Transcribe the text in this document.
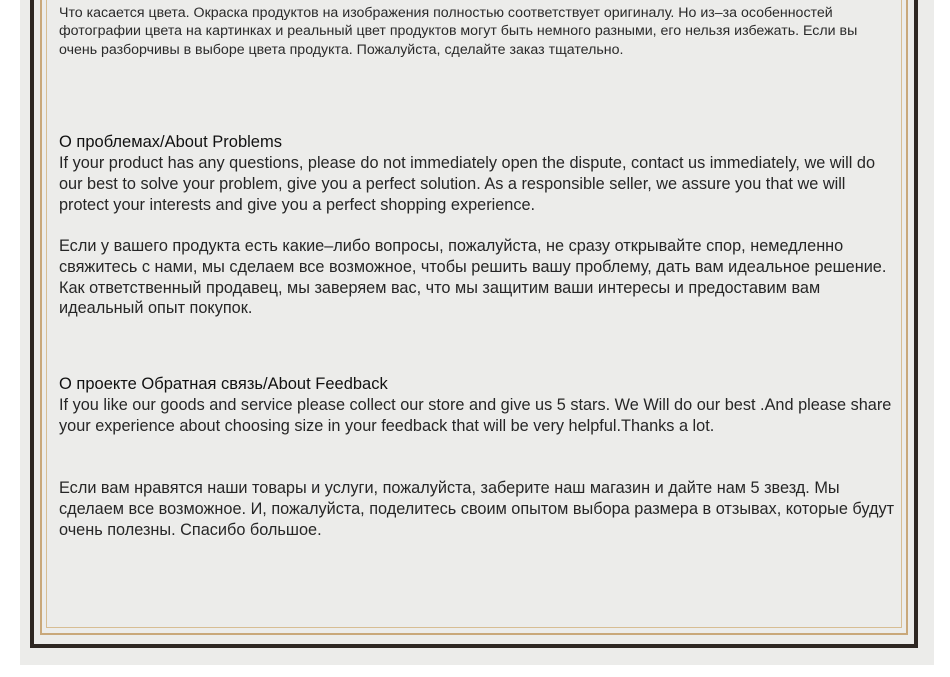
Что касается цвета. Окраска продуктов на изображения полностью соответствует оригиналу. Но из–за особенностей фотографии цвета на картинках и реальный цвет продуктов могут быть немного разными, его нельзя избежать. Если вы очень разборчивы в выборе цвета продукта. Пожалуйста, сделайте заказ тщательно.

О проблемах/About Problems

If your product has any questions, please do not immediately open the dispute, contact us immediately, we will do our best to solve your problem, give you a perfect solution. As a responsible seller, we assure you that we will protect your interests and give you a perfect shopping experience.

Если у вашего продукта есть какие–либо вопросы, пожалуйста, не сразу открывайте спор, немедленно свяжитесь с нами, мы сделаем все возможное, чтобы решить вашу проблему, дать вам идеальное решение. Как ответственный продавец, мы заверяем вас, что мы защитим ваши интересы и предоставим вам идеальный опыт покупок.

О проекте Обратная связь/About Feedback

If you like our goods and service please collect our store and give us 5 stars. We Will do our best .And please share your experience about choosing size in your feedback that will be very helpful.Thanks a lot.

Если вам нравятся наши товары и услуги, пожалуйста, заберите наш магазин и дайте нам 5 звезд. Мы сделаем все возможное. И, пожалуйста, поделитесь своим опытом выбора размера в отзывах, которые будут очень полезны. Спасибо большое.
